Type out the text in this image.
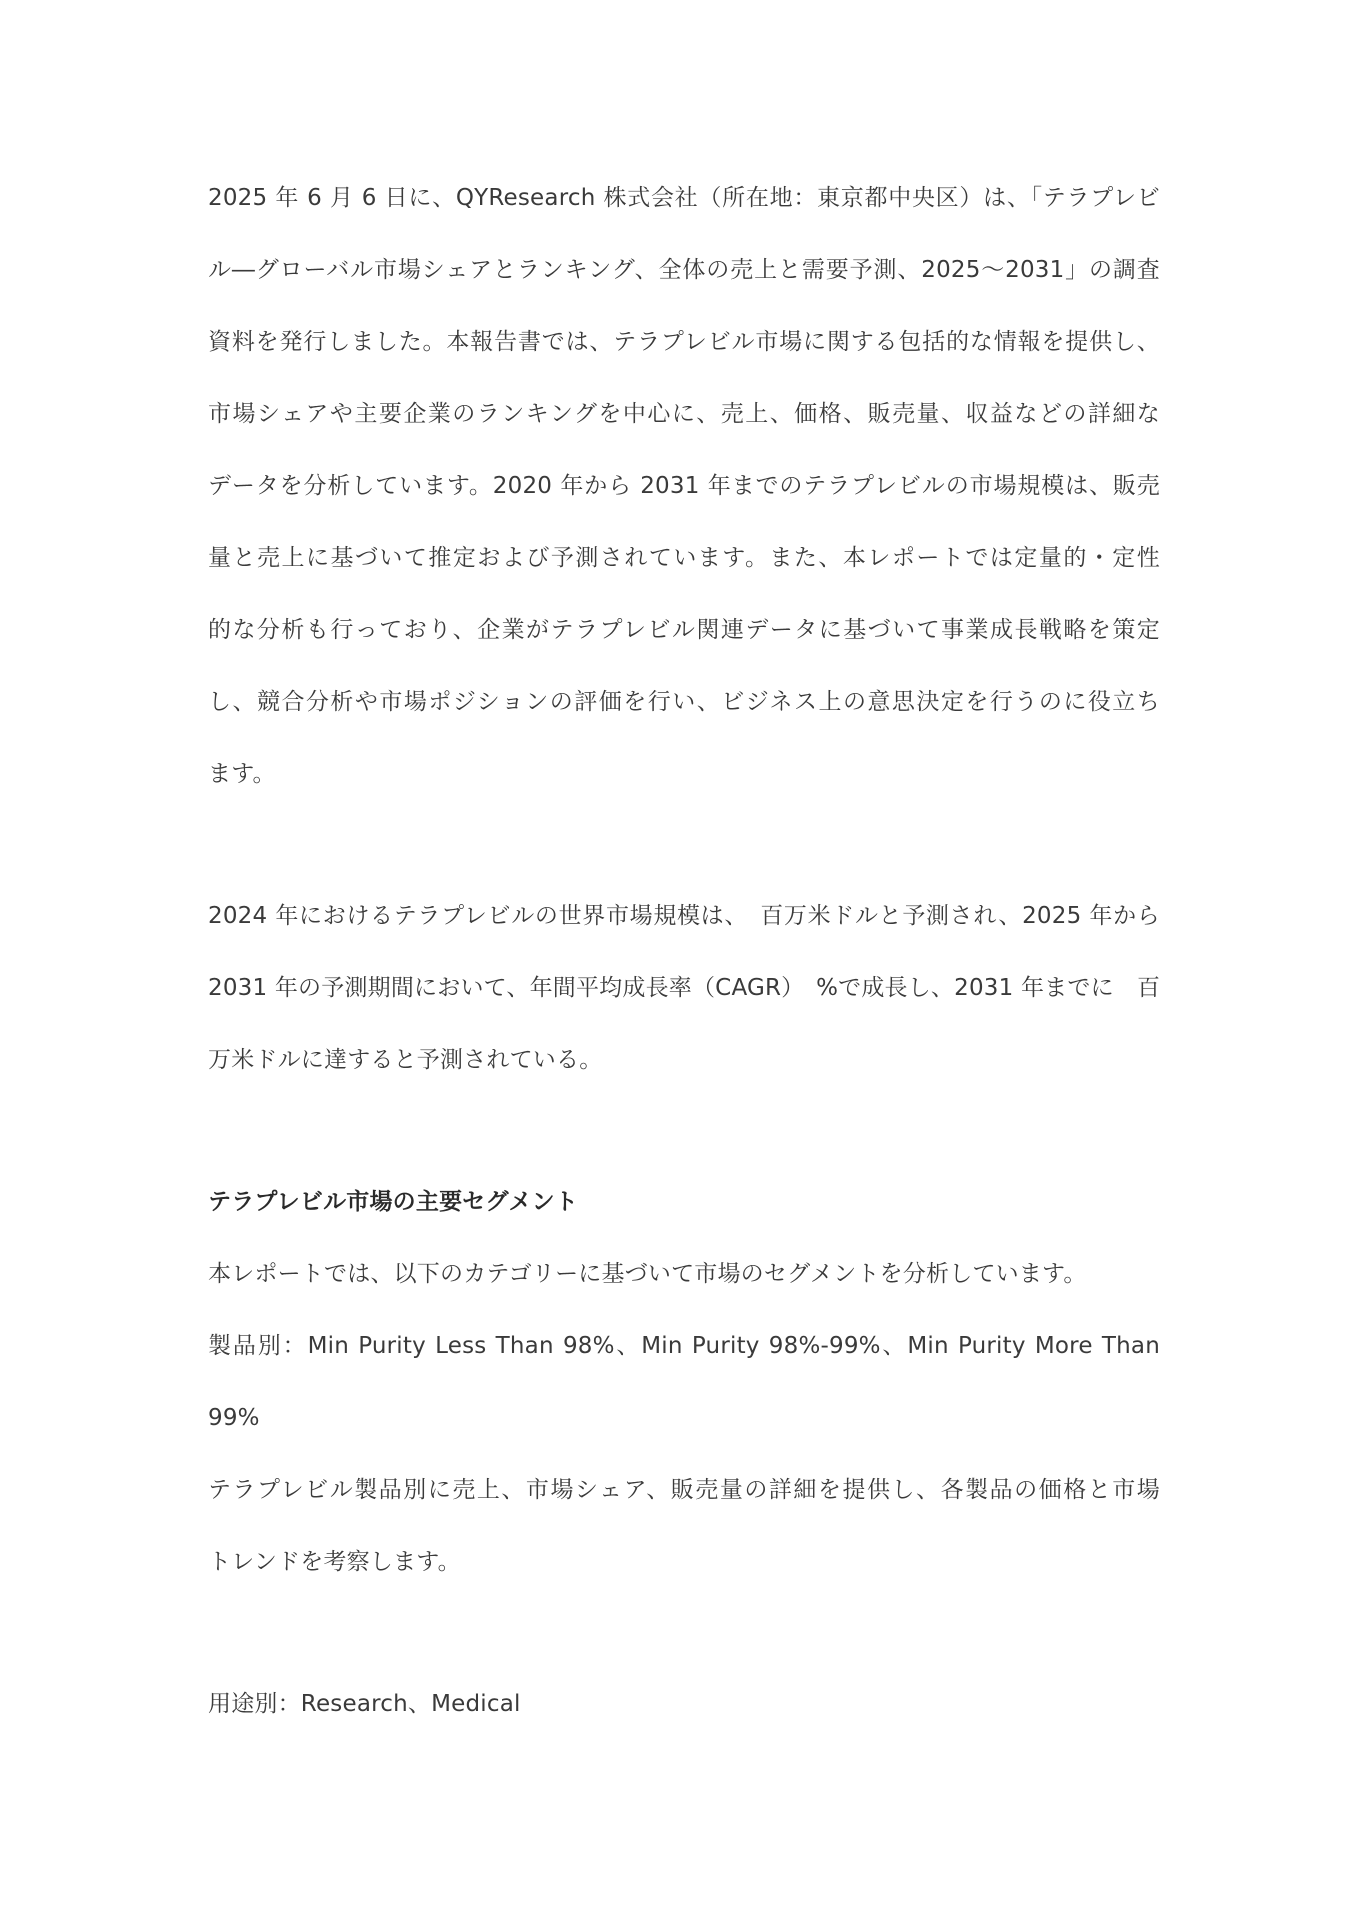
2025 年 6 月 6 日に、QYResearch 株式会社（所在地：東京都中央区）は、「テラプレビ
ル―グローバル市場シェアとランキング、全体の売上と需要予測、2025～2031」の調査
資料を発行しました。本報告書では、テラプレビル市場に関する包括的な情報を提供し、
市場シェアや主要企業のランキングを中心に、売上、価格、販売量、収益などの詳細な
データを分析しています。2020 年から 2031 年までのテラプレビルの市場規模は、販売
量と売上に基づいて推定および予測されています。また、本レポートでは定量的・定性
的な分析も行っており、企業がテラプレビル関連データに基づいて事業成長戦略を策定
し、競合分析や市場ポジションの評価を行い、ビジネス上の意思決定を行うのに役立ち
ます。
2024 年におけるテラプレビルの世界市場規模は、　百万米ドルと予測され、2025 年から
2031 年の予測期間において、年間平均成長率（CAGR）　%で成長し、2031 年までに　百
万米ドルに達すると予測されている。
テラプレビル市場の主要セグメント
本レポートでは、以下のカテゴリーに基づいて市場のセグメントを分析しています。
製品別：Min Purity Less Than 98%、Min Purity 98%-99%、Min Purity More Than
99%
テラプレビル製品別に売上、市場シェア、販売量の詳細を提供し、各製品の価格と市場
トレンドを考察します。
用途別：Research、Medical
